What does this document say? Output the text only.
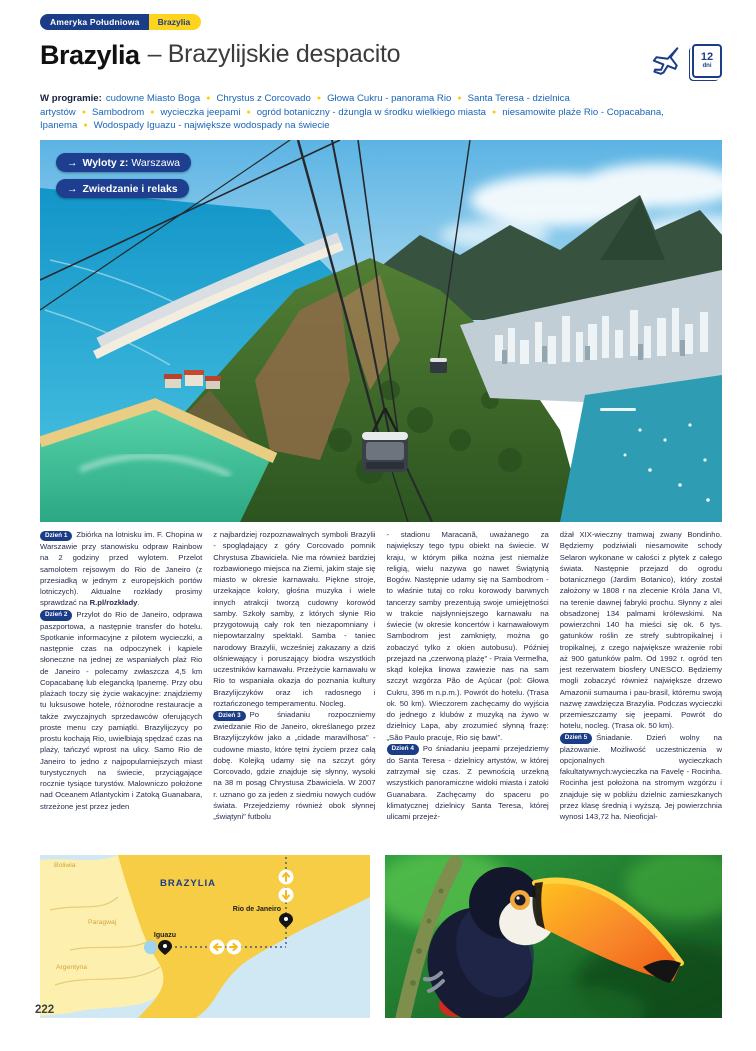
Ameryka Południowa	Brazylia
Brazylia – Brazylijskie despacito	12
dni
W programie: cudowne Miasto Boga ● Chrystus z Corcovado ● Głowa Cukru - panorama Rio ● Santa Teresa - dzielnica artystów ● Sambodrom ● wycieczka jeepami ● ogród botaniczny - dżungla w środku wielkiego miasta ● niesamowite plaże Rio - Copacabana, Ipanema ● Wodospady Iguazu - największe wodospady na świecie
→ Wyloty z: Warszawa
→ Zwiedzanie i relaks
Dzień 1 Zbiórka na lotnisku im. F. Chopina w Warszawie przy stanowisku odpraw Rainbow na 2 godziny przed wylotem. Przelot samolotem rejsowym do Rio de Janeiro (z przesiadką w jednym z europejskich portów lotniczych). Aktualne rozkłady prosimy sprawdzać na R.pl/rozkłady.
Dzień 2 Przylot do Rio de Janeiro, odprawa paszportowa, a następnie transfer do hotelu. Spotkanie informacyjne z pilotem wycieczki, a następnie czas na odpoczynek i kąpiele słoneczne na jednej ze wspaniałych plaż Rio de Janeiro - polecamy zwłaszcza 4,5 km Copacabanę lub elegancką Ipanemę. Przy obu plażach toczy się życie wakacyjne: znajdziemy tu luksusowe hotele, różnorodne restauracje a także zwyczajnych sprzedawców oferujących proste menu czy pamiątki. Brazylijczycy po prostu kochają Rio, uwielbiają spędzać czas na plaży, tańczyć wprost na ulicy. Samo Rio de Janeiro to jedno z najpopularniejszych miast turystycznych na świecie, przyciągające rocznie tysiące turystów. Malowniczo położone nad Oceanem Atlantyckim i Zatoką Guanabara, strzeżone jest przez jeden
z najbardziej rozpoznawalnych symboli Brazylii - spoglądający z góry Corcovado pomnik Chrystusa Zbawiciela. Nie ma również bardziej rozbawionego miejsca na Ziemi, jakim staje się miasto w okresie karnawału. Piękne stroje, urzekające kolory, głośna muzyka i wiele innych atrakcji tworzą cudowny korowód samby. Szkoły samby, z których słynie Rio przygotowują cały rok ten niezapomniany i niepowtarzalny spektakl. Samba - taniec narodowy Brazylii, wcześniej zakazany a dziś olśniewający i poruszający biodra wszystkich uczestników karnawału. Przeżycie karnawału w Rio to wspaniała okazja do poznania kultury Brazylijczyków oraz ich radosnego i roztańczonego temperamentu. Nocleg.
Dzień 3 Po śniadaniu rozpoczniemy zwiedzanie Rio de Janeiro, określanego przez Brazylijczyków jako a „cidade maravilhosa” - cudowne miasto, które tętni życiem przez całą dobę. Kolejką udamy się na szczyt góry Corcovado, gdzie znajduje się słynny, wysoki na 38 m posąg Chrystusa Zbawiciela. W 2007 r. uznano go za jeden z siedmiu nowych cudów świata. Przejedziemy również obok słynnej „świątyni” futbolu
- stadionu Maracanã, uważanego za największy tego typu obiekt na świecie. W kraju, w którym piłka nożna jest niemalże religią, wielu nazywa go nawet Świątynią Bogów. Następnie udamy się na Sambodrom - to właśnie tutaj co roku korowody barwnych tancerzy samby prezentują swoje umiejętności w trakcie najsłynniejszego karnawału na świecie (w okresie koncertów i karnawałowym Sambodrom jest zamknięty, można go zobaczyć tylko z okien autobusu). Później przejazd na „czerwoną plażę” - Praia Vermelha, skąd kolejka linowa zawiezie nas na sam szczyt wzgórza Pão de Açúcar (pol: Głowa Cukru, 396 m n.p.m.). Powrót do hotelu. (Trasa ok. 50 km). Wieczorem zachęcamy do wyjścia do jednego z klubów z muzyką na żywo w dzielnicy Lapa, aby zrozumieć słynną frazę: „São Paulo pracuje, Rio się bawi”.
Dzień 4 Po śniadaniu jeepami przejedziemy do Santa Teresa - dzielnicy artystów, w której zatrzymał się czas. Z pewnością urzekną wszystkich panoramiczne widoki miasta i zatoki Guanabara. Zachęcamy do spaceru po klimatycznej dzielnicy Santa Teresa, której ulicami przejeż-
dżał XIX-wieczny tramwaj zwany Bondinho. Będziemy podziwiali niesamowite schody Selaron wykonane w całości z płytek z całego świata. Następnie przejazd do ogrodu botanicznego (Jardim Botanico), który został założony w 1808 r na zlecenie Króla Jana VI, na terenie dawnej fabryki prochu. Słynny z alei obsadzonej 134 palmami królewskimi. Na powierzchni 140 ha mieści się ok. 6 tys. gatunków roślin ze strefy subtropikalnej i tropikalnej, z czego największe wrażenie robi aż 900 gatunków palm. Od 1992 r. ogród ten jest rezerwatem biosfery UNESCO. Będziemy mogli zobaczyć również największe drzewo Amazonii sumauma i pau-brasil, któremu swoją nazwę zawdzięcza Brazylia. Podczas wycieczki przemieszczamy się jeepami. Powrót do hotelu, nocleg. (Trasa ok. 50 km).
Dzień 5 Śniadanie. Dzień wolny na plażowanie. Możliwość uczestniczenia w opcjonalnych wycieczkach fakultatywnych:wycieczka na Favelę - Rocinha. Rocinha jest położona na stromym wzgórzu i znajduje się w pobliżu dzielnic zamieszkanych przez klasę średnią i wyższą. Jej powierzchnia wynosi 143,72 ha. Nieoficjal-
BRAZYLIA
Boliwia
Paragwaj
Argentyna
Rio de Janeiro
Iguazu
222
